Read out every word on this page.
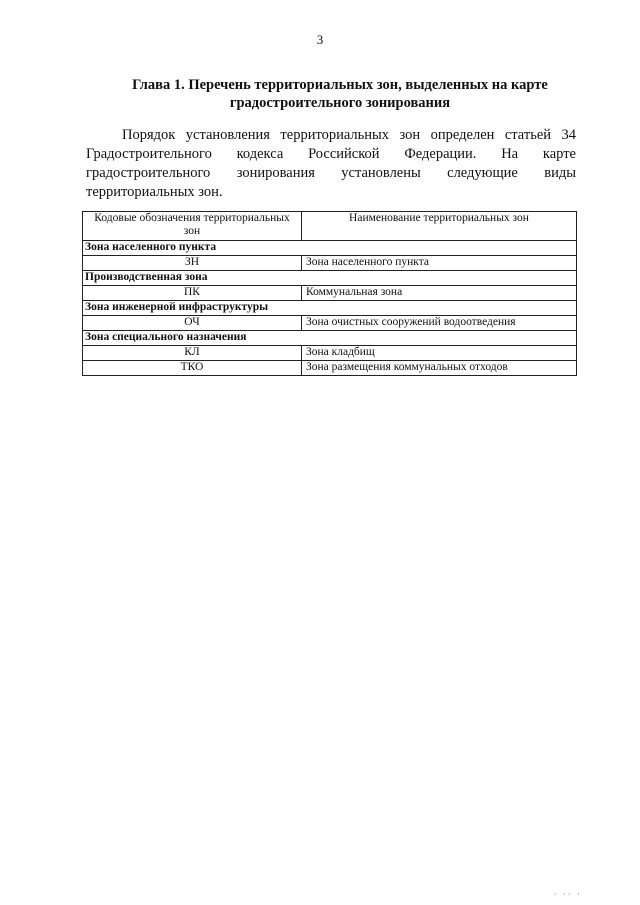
3
Глава 1. Перечень территориальных зон, выделенных на карте градостроительного зонирования
Порядок установления территориальных зон определен статьей 34 Градостроительного кодекса Российской Федерации. На карте градостроительного зонирования установлены следующие виды территориальных зон.
Кодовые обозначения территориальных зон	Наименование территориальных зон
Зона населенного пункта	
ЗН	Зона населенного пункта
Производственная зона	
ПК	Коммунальная зона
Зона инженерной инфраструктуры	
ОЧ	Зона очистных сооружений водоотведения
Зона специального назначения	
КЛ	Зона кладбищ
ТКО	Зона размещения коммунальных отходов
· ·· ·
